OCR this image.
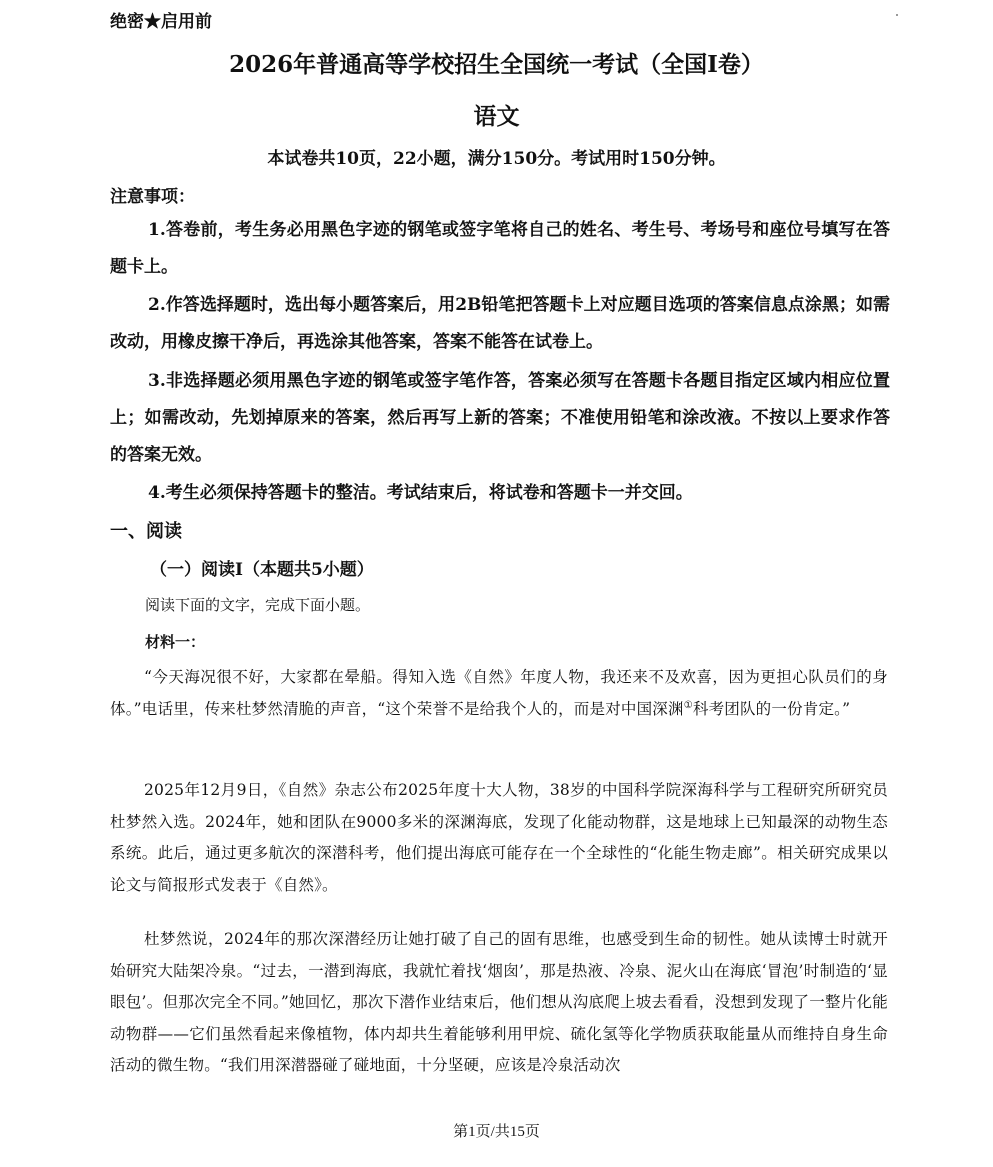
绝密★启用前
2026年普通高等学校招生全国统一考试（全国I卷）
语文
本试卷共10页，22小题，满分150分。考试用时150分钟。
注意事项：

1.答卷前，考生务必用黑色字迹的钢笔或签字笔将自己的姓名、考生号、考场号和座位号填写在答题卡上。

2.作答选择题时，选出每小题答案后，用2B铅笔把答题卡上对应题目选项的答案信息点涂黑；如需改动，用橡皮擦干净后，再选涂其他答案，答案不能答在试卷上。

3.非选择题必须用黑色字迹的钢笔或签字笔作答，答案必须写在答题卡各题目指定区域内相应位置上；如需改动，先划掉原来的答案，然后再写上新的答案；不准使用铅笔和涂改液。不按以上要求作答的答案无效。

4.考生必须保持答题卡的整洁。考试结束后，将试卷和答题卡一并交回。

一、阅读
（一）阅读I（本题共5小题）
阅读下面的文字，完成下面小题。
材料一：

“今天海况很不好，大家都在晕船。得知入选《自然》年度人物，我还来不及欢喜，因为更担心队员们的身体。”电话里，传来杜梦然清脆的声音，“这个荣誉不是给我个人的，而是对中国深渊①科考团队的一份肯定。”

2025年12月9日，《自然》杂志公布2025年度十大人物，38岁的中国科学院深海科学与工程研究所研究员杜梦然入选。2024年，她和团队在9000多米的深渊海底，发现了化能动物群，这是地球上已知最深的动物生态系统。此后，通过更多航次的深潜科考，他们提出海底可能存在一个全球性的“化能生物走廊”。相关研究成果以论文与简报形式发表于《自然》。

杜梦然说，2024年的那次深潜经历让她打破了自己的固有思维，也感受到生命的韧性。她从读博士时就开始研究大陆架冷泉。“过去，一潜到海底，我就忙着找‘烟囱’，那是热液、冷泉、泥火山在海底‘冒泡’时制造的‘显眼包’。但那次完全不同。”她回忆，那次下潜作业结束后，他们想从沟底爬上坡去看看，没想到发现了一整片化能动物群——它们虽然看起来像植物，体内却共生着能够利用甲烷、硫化氢等化学物质获取能量从而维持自身生命活动的微生物。“我们用深潜器碰了碰地面，十分坚硬，应该是冷泉活动次

第1页/共15页
